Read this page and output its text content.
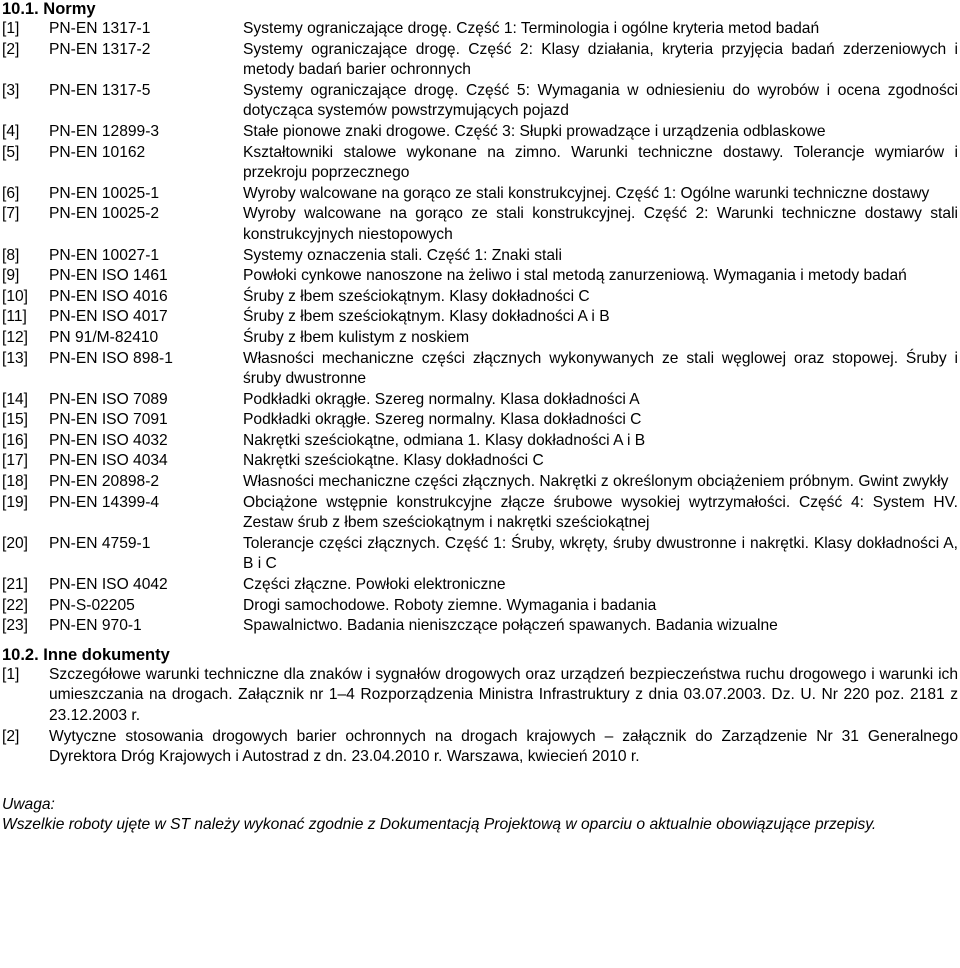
10.1. Normy
[1]	PN-EN 1317-1	Systemy ograniczające drogę. Część 1: Terminologia i ogólne kryteria metod badań
[2]	PN-EN 1317-2	Systemy ograniczające drogę. Część 2: Klasy działania, kryteria przyjęcia badań zderzeniowych i metody badań barier ochronnych
[3]	PN-EN 1317-5	Systemy ograniczające drogę. Część 5: Wymagania w odniesieniu do wyrobów i ocena zgodności dotycząca systemów powstrzymujących pojazd
[4]	PN-EN 12899-3	Stałe pionowe znaki drogowe. Część 3: Słupki prowadzące i urządzenia odblaskowe
[5]	PN-EN 10162	Kształtowniki stalowe wykonane na zimno. Warunki techniczne dostawy. Tolerancje wymiarów i przekroju poprzecznego
[6]	PN-EN 10025-1	Wyroby walcowane na gorąco ze stali konstrukcyjnej. Część 1: Ogólne warunki techniczne dostawy
[7]	PN-EN 10025-2	Wyroby walcowane na gorąco ze stali konstrukcyjnej. Część 2: Warunki techniczne dostawy stali konstrukcyjnych niestopowych
[8]	PN-EN 10027-1	Systemy oznaczenia stali. Część 1: Znaki stali
[9]	PN-EN ISO 1461	Powłoki cynkowe nanoszone na żeliwo i stal metodą zanurzeniową. Wymagania i metody badań
[10]	PN-EN ISO 4016	Śruby z łbem sześciokątnym. Klasy dokładności C
[11]	PN-EN ISO 4017	Śruby z łbem sześciokątnym. Klasy dokładności A i B
[12]	PN 91/M-82410	Śruby z łbem kulistym z noskiem
[13]	PN-EN ISO 898-1	Własności mechaniczne części złącznych wykonywanych ze stali węglowej oraz stopowej. Śruby i śruby dwustronne
[14]	PN-EN ISO 7089	Podkładki okrągłe. Szereg normalny. Klasa dokładności A
[15]	PN-EN ISO 7091	Podkładki okrągłe. Szereg normalny. Klasa dokładności C
[16]	PN-EN ISO 4032	Nakrętki sześciokątne, odmiana 1. Klasy dokładności A i B
[17]	PN-EN ISO 4034	Nakrętki sześciokątne. Klasy dokładności C
[18]	PN-EN 20898-2	Własności mechaniczne części złącznych. Nakrętki z określonym obciążeniem próbnym. Gwint zwykły
[19]	PN-EN 14399-4	Obciążone wstępnie konstrukcyjne złącze śrubowe wysokiej wytrzymałości. Część 4: System HV. Zestaw śrub z łbem sześciokątnym i nakrętki sześciokątnej
[20]	PN-EN 4759-1	Tolerancje części złącznych. Część 1: Śruby, wkręty, śruby dwustronne i nakrętki. Klasy dokładności A, B i C
[21]	PN-EN ISO 4042	Części złączne. Powłoki elektroniczne
[22]	PN-S-02205	Drogi samochodowe. Roboty ziemne. Wymagania i badania
[23]	PN-EN 970-1	Spawalnictwo. Badania nieniszczące połączeń spawanych. Badania wizualne
10.2. Inne dokumenty
[1]	Szczegółowe warunki techniczne dla znaków i sygnałów drogowych oraz urządzeń bezpieczeństwa ruchu drogowego i warunki ich umieszczania na drogach. Załącznik nr 1–4 Rozporządzenia Ministra Infrastruktury z dnia 03.07.2003. Dz. U. Nr 220 poz. 2181 z 23.12.2003 r.
[2]	Wytyczne stosowania drogowych barier ochronnych na drogach krajowych – załącznik do Zarządzenie Nr 31 Generalnego Dyrektora Dróg Krajowych i Autostrad z dn. 23.04.2010 r. Warszawa, kwiecień 2010 r.
Uwaga:
Wszelkie roboty ujęte w ST należy wykonać zgodnie z Dokumentacją Projektową w oparciu o aktualnie obowiązujące przepisy.
